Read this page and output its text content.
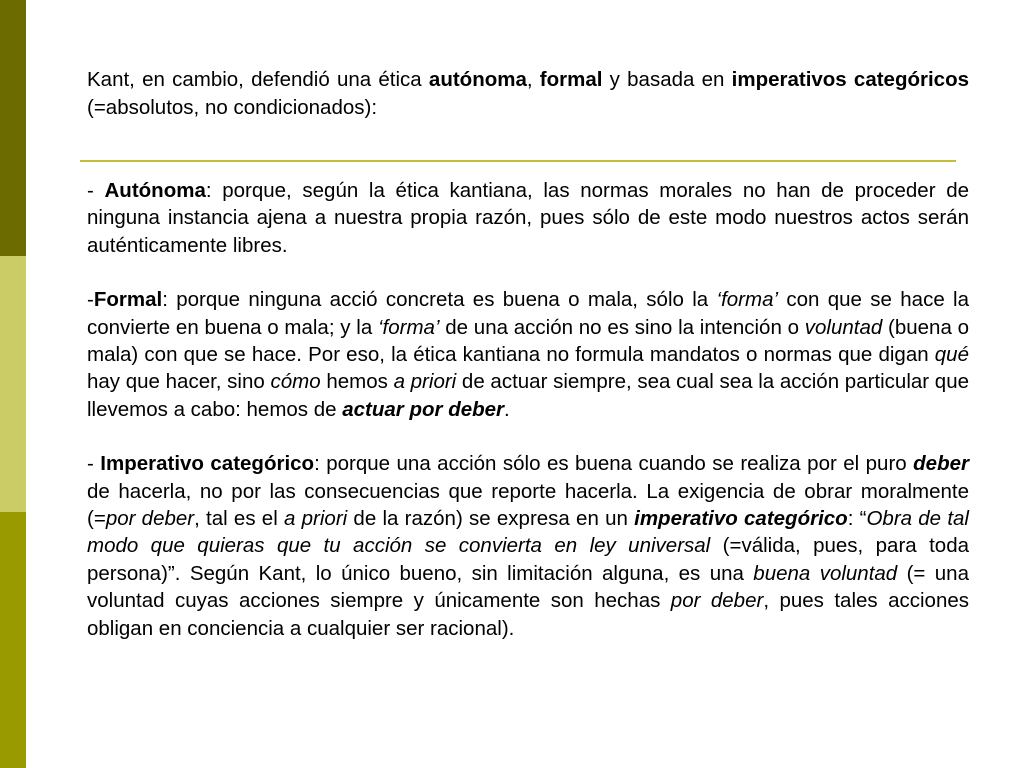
Kant, en cambio, defendió una ética autónoma, formal y basada en imperativos categóricos (=absolutos, no condicionados):

- Autónoma: porque, según la ética kantiana, las normas morales no han de proceder de ninguna instancia ajena a nuestra propia razón, pues sólo de este modo nuestros actos serán auténticamente libres.

-Formal: porque ninguna acció concreta es buena o mala, sólo la ‘forma’ con que se hace la convierte en buena o mala; y la ‘forma’ de una acción no es sino la intención o voluntad (buena o mala) con que se hace. Por eso, la ética kantiana no formula mandatos o normas que digan qué hay que hacer, sino cómo hemos a priori de actuar siempre, sea cual sea la acción particular que llevemos a cabo: hemos de actuar por deber.

- Imperativo categórico: porque una acción sólo es buena cuando se realiza por el puro deber de hacerla, no por las consecuencias que reporte hacerla. La exigencia de obrar moralmente (=por deber, tal es el a priori de la razón) se expresa en un imperativo categórico: “Obra de tal modo que quieras que tu acción se convierta en ley universal (=válida, pues, para toda persona)”. Según Kant, lo único bueno, sin limitación alguna, es una buena voluntad (= una voluntad cuyas acciones siempre y únicamente son hechas por deber, pues tales acciones obligan en conciencia a cualquier ser racional).
